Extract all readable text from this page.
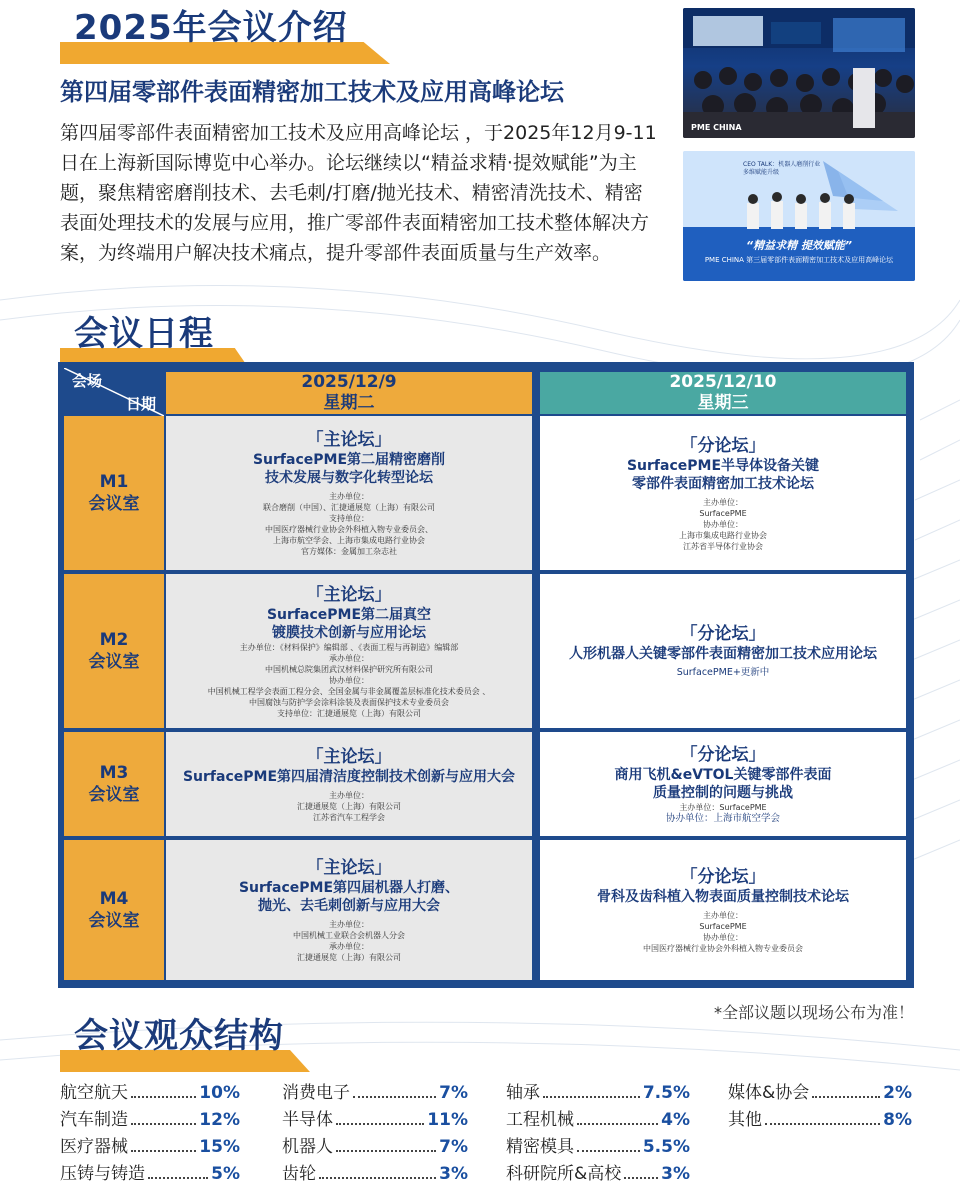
2025年会议介绍
第四届零部件表面精密加工技术及应用高峰论坛

第四届零部件表面精密加工技术及应用高峰论坛 ，于2025年12月9-11日在上海新国际博览中心举办。论坛继续以“精益求精·提效赋能”为主题，聚焦精密磨削技术、去毛刺/打磨/抛光技术、精密清洗技术、精密表面处理技术的发展与应用，推广零部件表面精密加工技术整体解决方案，为终端用户解决技术痛点，提升零部件表面质量与生产效率。

PME CHINA
CEO TALK：机器人磨削行业 多维赋能升级
“精益求精 提效赋能”
PME CHINA 第三届零部件表面精密加工技术及应用高峰论坛
会议日程
会场
日期
2025/12/9
星期二
2025/12/10
星期三
M1
会议室
「主论坛」
SurfacePME第二届精密磨削
技术发展与数字化转型论坛
主办单位：
联合磨削（中国）、汇捷通展览（上海）有限公司
支持单位：
中国医疗器械行业协会外科植入物专业委员会、
上海市航空学会、上海市集成电路行业协会
官方媒体：金属加工杂志社
「分论坛」
SurfacePME半导体设备关键
零部件表面精密加工技术论坛
主办单位：
SurfacePME
协办单位：
上海市集成电路行业协会
江苏省半导体行业协会
M2
会议室
「主论坛」
SurfacePME第二届真空
镀膜技术创新与应用论坛
主办单位：《材料保护》编辑部 、《表面工程与再制造》编辑部
承办单位：
中国机械总院集团武汉材料保护研究所有限公司
协办单位：
中国机械工程学会表面工程分会、全国金属与非金属覆盖层标准化技术委员会 、
中国腐蚀与防护学会涂料涂装及表面保护技术专业委员会
支持单位：汇捷通展览（上海）有限公司
「分论坛」
人形机器人关键零部件表面精密加工技术应用论坛
SurfacePME+更新中
M3
会议室
「主论坛」
SurfacePME第四届清洁度控制技术创新与应用大会
主办单位：
汇捷通展览（上海）有限公司
江苏省汽车工程学会
「分论坛」
商用飞机&eVTOL关键零部件表面
质量控制的问题与挑战
主办单位：SurfacePME
协办单位：上海市航空学会
M4
会议室
「主论坛」
SurfacePME第四届机器人打磨、
抛光、去毛刺创新与应用大会
主办单位：
中国机械工业联合会机器人分会
承办单位：
汇捷通展览（上海）有限公司
「分论坛」
骨科及齿科植入物表面质量控制技术论坛
主办单位：
SurfacePME
协办单位：
中国医疗器械行业协会外科植入物专业委员会
*全部议题以现场公布为准！
会议观众结构
航空航天	10%
汽车制造	12%
医疗器械	15%
压铸与铸造	5%
消费电子	7%
半导体	11%
机器人	7%
齿轮	3%
轴承	7.5%
工程机械	4%
精密模具	5.5%
科研院所&高校 3%
媒体&协会	2%
其他	8%
